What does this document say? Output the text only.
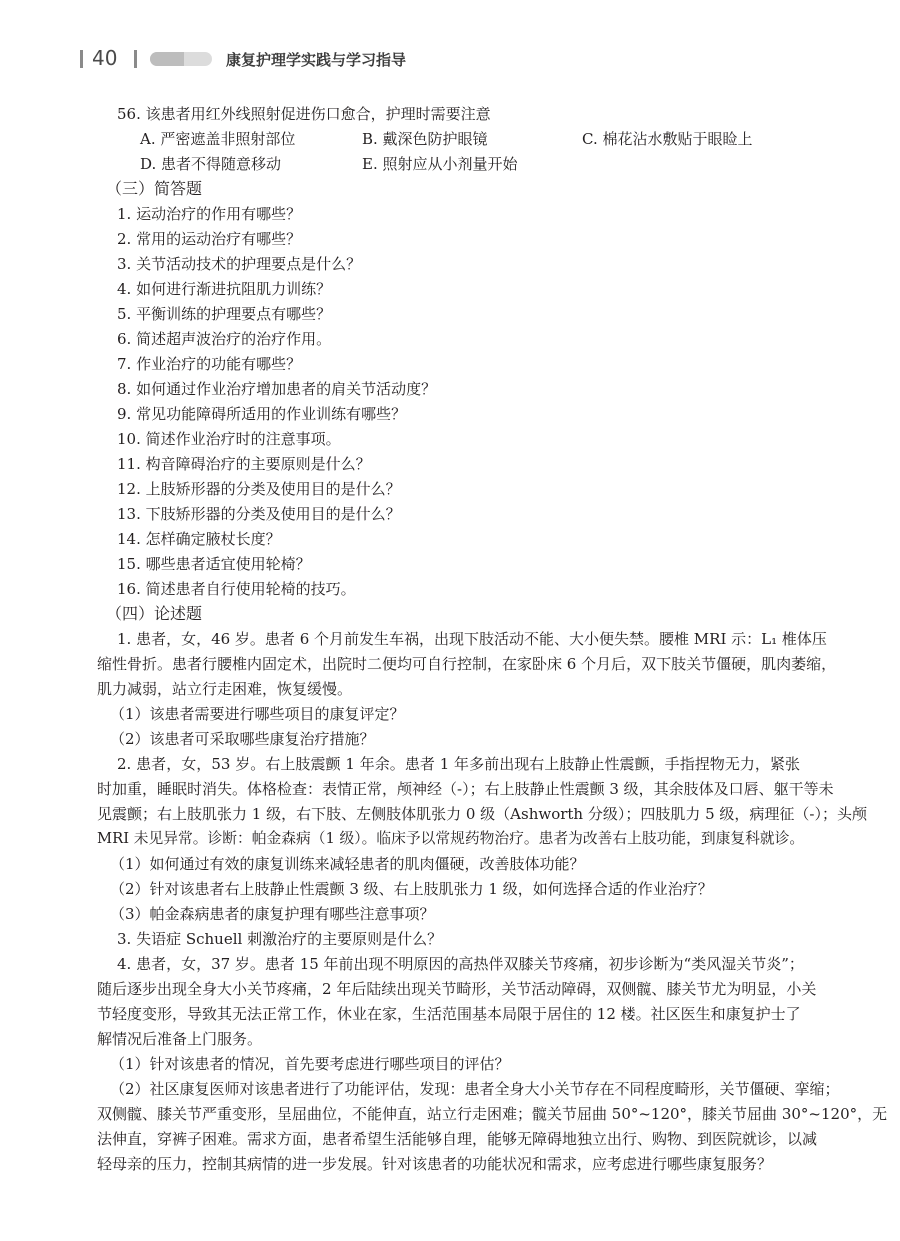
40	康复护理学实践与学习指导
56. 该患者用红外线照射促进伤口愈合，护理时需要注意
A. 严密遮盖非照射部位	B. 戴深色防护眼镜	C. 棉花沾水敷贴于眼睑上
D. 患者不得随意移动	E. 照射应从小剂量开始
（三）简答题
1. 运动治疗的作用有哪些？
2. 常用的运动治疗有哪些？
3. 关节活动技术的护理要点是什么？
4. 如何进行渐进抗阻肌力训练？
5. 平衡训练的护理要点有哪些？
6. 简述超声波治疗的治疗作用。
7. 作业治疗的功能有哪些？
8. 如何通过作业治疗增加患者的肩关节活动度？
9. 常见功能障碍所适用的作业训练有哪些？
10. 简述作业治疗时的注意事项。
11. 构音障碍治疗的主要原则是什么？
12. 上肢矫形器的分类及使用目的是什么？
13. 下肢矫形器的分类及使用目的是什么？
14. 怎样确定腋杖长度？
15. 哪些患者适宜使用轮椅？
16. 简述患者自行使用轮椅的技巧。
（四）论述题
1. 患者，女，46 岁。患者 6 个月前发生车祸，出现下肢活动不能、大小便失禁。腰椎 MRI 示：L₁ 椎体压
缩性骨折。患者行腰椎内固定术，出院时二便均可自行控制，在家卧床 6 个月后，双下肢关节僵硬，肌肉萎缩，
肌力减弱，站立行走困难，恢复缓慢。
（1）该患者需要进行哪些项目的康复评定？
（2）该患者可采取哪些康复治疗措施？
2. 患者，女，53 岁。右上肢震颤 1 年余。患者 1 年多前出现右上肢静止性震颤，手指捏物无力，紧张
时加重，睡眠时消失。体格检查：表情正常，颅神经（-）；右上肢静止性震颤 3 级，其余肢体及口唇、躯干等未
见震颤；右上肢肌张力 1 级，右下肢、左侧肢体肌张力 0 级（Ashworth 分级）；四肢肌力 5 级，病理征（-）；头颅
MRI 未见异常。诊断：帕金森病（1 级）。临床予以常规药物治疗。患者为改善右上肢功能，到康复科就诊。
（1）如何通过有效的康复训练来减轻患者的肌肉僵硬，改善肢体功能？
（2）针对该患者右上肢静止性震颤 3 级、右上肢肌张力 1 级，如何选择合适的作业治疗？
（3）帕金森病患者的康复护理有哪些注意事项？
3. 失语症 Schuell 刺激治疗的主要原则是什么？
4. 患者，女，37 岁。患者 15 年前出现不明原因的高热伴双膝关节疼痛，初步诊断为“类风湿关节炎”；
随后逐步出现全身大小关节疼痛，2 年后陆续出现关节畸形，关节活动障碍，双侧髋、膝关节尤为明显，小关
节轻度变形，导致其无法正常工作，休业在家，生活范围基本局限于居住的 12 楼。社区医生和康复护士了
解情况后准备上门服务。
（1）针对该患者的情况，首先要考虑进行哪些项目的评估？
（2）社区康复医师对该患者进行了功能评估，发现：患者全身大小关节存在不同程度畸形，关节僵硬、挛缩；
双侧髋、膝关节严重变形，呈屈曲位，不能伸直，站立行走困难；髋关节屈曲 50°~120°，膝关节屈曲 30°~120°，无
法伸直，穿裤子困难。需求方面，患者希望生活能够自理，能够无障碍地独立出行、购物、到医院就诊，以减
轻母亲的压力，控制其病情的进一步发展。针对该患者的功能状况和需求，应考虑进行哪些康复服务？
